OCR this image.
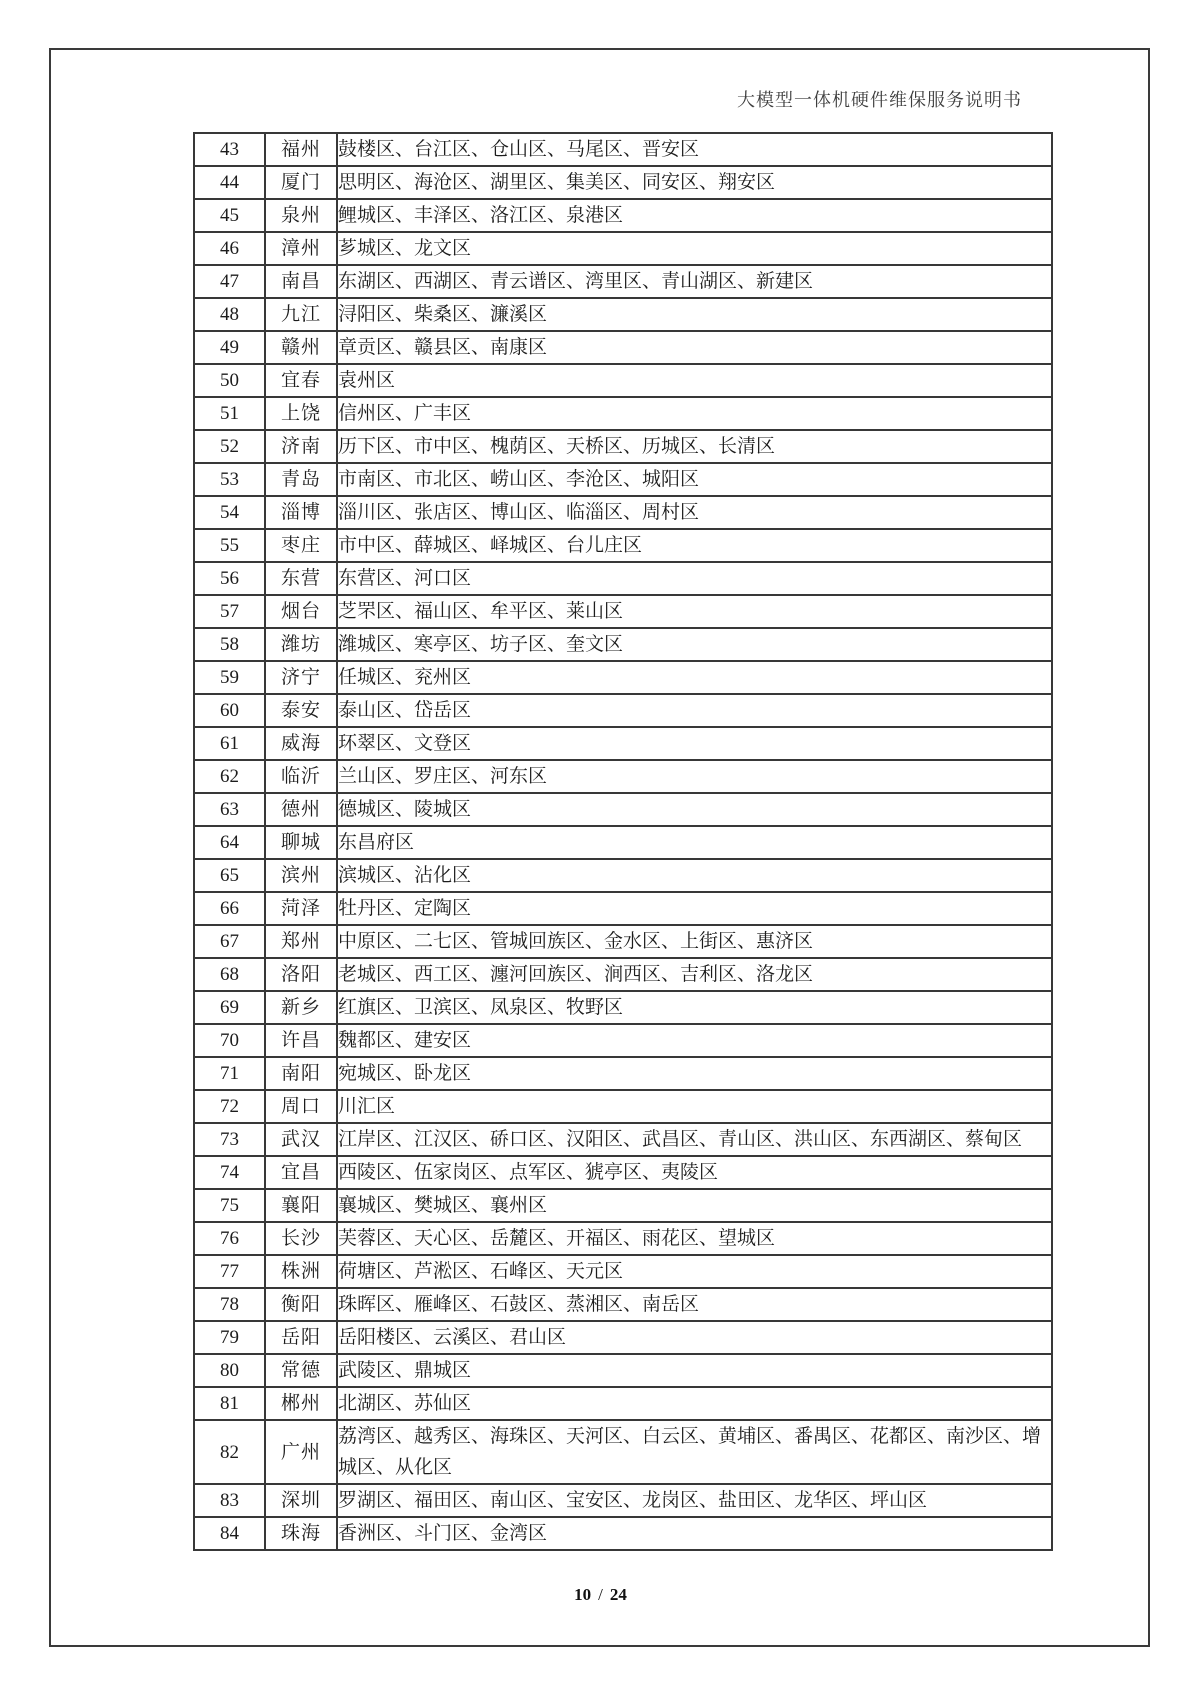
大模型一体机硬件维保服务说明书
43	福州	鼓楼区、台江区、仓山区、马尾区、晋安区
44	厦门	思明区、海沧区、湖里区、集美区、同安区、翔安区
45	泉州	鲤城区、丰泽区、洛江区、泉港区
46	漳州	芗城区、龙文区
47	南昌	东湖区、西湖区、青云谱区、湾里区、青山湖区、新建区
48	九江	浔阳区、柴桑区、濂溪区
49	赣州	章贡区、赣县区、南康区
50	宜春	袁州区
51	上饶	信州区、广丰区
52	济南	历下区、市中区、槐荫区、天桥区、历城区、长清区
53	青岛	市南区、市北区、崂山区、李沧区、城阳区
54	淄博	淄川区、张店区、博山区、临淄区、周村区
55	枣庄	市中区、薛城区、峄城区、台儿庄区
56	东营	东营区、河口区
57	烟台	芝罘区、福山区、牟平区、莱山区
58	潍坊	潍城区、寒亭区、坊子区、奎文区
59	济宁	任城区、兖州区
60	泰安	泰山区、岱岳区
61	威海	环翠区、文登区
62	临沂	兰山区、罗庄区、河东区
63	德州	德城区、陵城区
64	聊城	东昌府区
65	滨州	滨城区、沾化区
66	菏泽	牡丹区、定陶区
67	郑州	中原区、二七区、管城回族区、金水区、上街区、惠济区
68	洛阳	老城区、西工区、瀍河回族区、涧西区、吉利区、洛龙区
69	新乡	红旗区、卫滨区、凤泉区、牧野区
70	许昌	魏都区、建安区
71	南阳	宛城区、卧龙区
72	周口	川汇区
73	武汉	江岸区、江汉区、硚口区、汉阳区、武昌区、青山区、洪山区、东西湖区、蔡甸区
74	宜昌	西陵区、伍家岗区、点军区、猇亭区、夷陵区
75	襄阳	襄城区、樊城区、襄州区
76	长沙	芙蓉区、天心区、岳麓区、开福区、雨花区、望城区
77	株洲	荷塘区、芦淞区、石峰区、天元区
78	衡阳	珠晖区、雁峰区、石鼓区、蒸湘区、南岳区
79	岳阳	岳阳楼区、云溪区、君山区
80	常德	武陵区、鼎城区
81	郴州	北湖区、苏仙区
82	广州	荔湾区、越秀区、海珠区、天河区、白云区、黄埔区、番禺区、花都区、南沙区、增城区、从化区
83	深圳	罗湖区、福田区、南山区、宝安区、龙岗区、盐田区、龙华区、坪山区
84	珠海	香洲区、斗门区、金湾区
10 / 24
